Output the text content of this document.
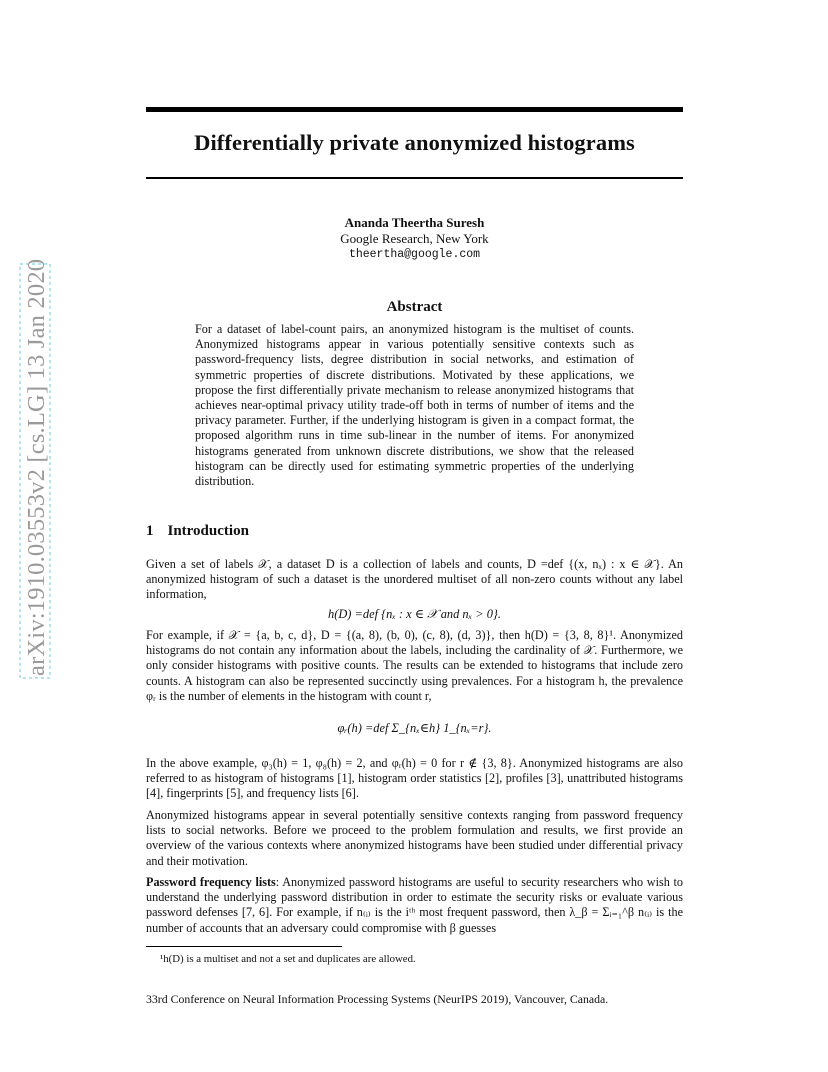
arXiv:1910.03553v2 [cs.LG] 13 Jan 2020
Differentially private anonymized histograms
Ananda Theertha Suresh
Google Research, New York
theertha@google.com
Abstract
For a dataset of label-count pairs, an anonymized histogram is the multiset of counts. Anonymized histograms appear in various potentially sensitive contexts such as password-frequency lists, degree distribution in social networks, and estimation of symmetric properties of discrete distributions. Motivated by these applications, we propose the first differentially private mechanism to release anonymized histograms that achieves near-optimal privacy utility trade-off both in terms of number of items and the privacy parameter. Further, if the underlying histogram is given in a compact format, the proposed algorithm runs in time sub-linear in the number of items. For anonymized histograms generated from unknown discrete distributions, we show that the released histogram can be directly used for estimating symmetric properties of the underlying distribution.
1 Introduction
Given a set of labels 𝒳, a dataset D is a collection of labels and counts, D =def {(x, nₓ) : x ∈ 𝒳}. An anonymized histogram of such a dataset is the unordered multiset of all non-zero counts without any label information,
h(D) =def {nₓ : x ∈ 𝒳 and nₓ > 0}.
For example, if 𝒳 = {a, b, c, d}, D = {(a, 8), (b, 0), (c, 8), (d, 3)}, then h(D) = {3, 8, 8}¹. Anonymized histograms do not contain any information about the labels, including the cardinality of 𝒳. Furthermore, we only consider histograms with positive counts. The results can be extended to histograms that include zero counts. A histogram can also be represented succinctly using prevalences. For a histogram h, the prevalence φᵣ is the number of elements in the histogram with count r,
φᵣ(h) =def Σ_{nₓ∈h} 1_{nₓ=r}.
In the above example, φ₃(h) = 1, φ₈(h) = 2, and φᵣ(h) = 0 for r ∉ {3, 8}. Anonymized histograms are also referred to as histogram of histograms [1], histogram order statistics [2], profiles [3], unattributed histograms [4], fingerprints [5], and frequency lists [6].
Anonymized histograms appear in several potentially sensitive contexts ranging from password frequency lists to social networks. Before we proceed to the problem formulation and results, we first provide an overview of the various contexts where anonymized histograms have been studied under differential privacy and their motivation.
Password frequency lists: Anonymized password histograms are useful to security researchers who wish to understand the underlying password distribution in order to estimate the security risks or evaluate various password defenses [7, 6]. For example, if n₍ᵢ₎ is the iᵗʰ most frequent password, then λ_β = Σᵢ₌₁^β n₍ᵢ₎ is the number of accounts that an adversary could compromise with β guesses
¹h(D) is a multiset and not a set and duplicates are allowed.
33rd Conference on Neural Information Processing Systems (NeurIPS 2019), Vancouver, Canada.
